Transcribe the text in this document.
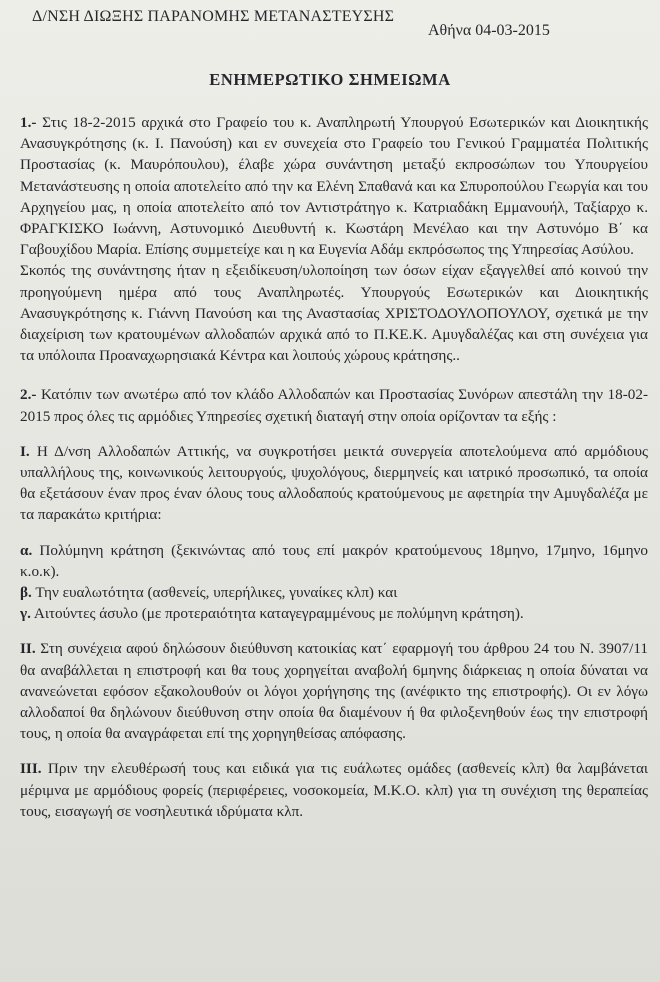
Δ/ΝΣΗ ΔΙΩΞΗΣ ΠΑΡΑΝΟΜΗΣ ΜΕΤΑΝΑΣΤΕΥΣΗΣ
Αθήνα 04-03-2015
ΕΝΗΜΕΡΩΤΙΚΟ ΣΗΜΕΙΩΜΑ

1.- Στις 18-2-2015 αρχικά στο Γραφείο του κ. Αναπληρωτή Υπουργού Εσωτερικών και Διοικητικής Ανασυγκρότησης (κ. Ι. Πανούση) και εν συνεχεία στο Γραφείο του Γενικού Γραμματέα Πολιτικής Προστασίας (κ. Μαυρόπουλου), έλαβε χώρα συνάντηση μεταξύ εκπροσώπων του Υπουργείου Μετανάστευσης η οποία αποτελείτο από την κα Ελένη Σπαθανά και κα Σπυροπούλου Γεωργία και του Αρχηγείου μας, η οποία αποτελείτο από τον Αντιστράτηγο κ. Κατριαδάκη Εμμανουήλ, Ταξίαρχο κ. ΦΡΑΓΚΙΣΚΟ Ιωάννη, Αστυνομικό Διευθυντή κ. Κωστάρη Μενέλαο και την Αστυνόμο Β΄ κα Γαβουχίδου Μαρία. Επίσης συμμετείχε και η κα Ευγενία Αδάμ εκπρόσωπος της Υπηρεσίας Ασύλου.

Σκοπός της συνάντησης ήταν η εξειδίκευση/υλοποίηση των όσων είχαν εξαγγελθεί από κοινού την προηγούμενη ημέρα από τους Αναπληρωτές. Υπουργούς Εσωτερικών και Διοικητικής Ανασυγκρότησης κ. Γιάννη Πανούση και της Αναστασίας ΧΡΙΣΤΟΔΟΥΛΟΠΟΥΛΟΥ, σχετικά με την διαχείριση των κρατουμένων αλλοδαπών αρχικά από το Π.ΚΕ.Κ. Αμυγδαλέζας και στη συνέχεια για τα υπόλοιπα Προαναχωρησιακά Κέντρα και λοιπούς χώρους κράτησης..

2.- Κατόπιν των ανωτέρω από τον κλάδο Αλλοδαπών και Προστασίας Συνόρων απεστάλη την 18-02-2015 προς όλες τις αρμόδιες Υπηρεσίες σχετική διαταγή στην οποία ορίζονταν τα εξής :

Ι. Η Δ/νση Αλλοδαπών Αττικής, να συγκροτήσει μεικτά συνεργεία αποτελούμενα από αρμόδιους υπαλλήλους της, κοινωνικούς λειτουργούς, ψυχολόγους, διερμηνείς και ιατρικό προσωπικό, τα οποία θα εξετάσουν έναν προς έναν όλους τους αλλοδαπούς κρατούμενους με αφετηρία την Αμυγδαλέζα με τα παρακάτω κριτήρια:

α. Πολύμηνη κράτηση (ξεκινώντας από τους επί μακρόν κρατούμενους 18μηνο, 17μηνο, 16μηνο κ.ο.κ).

β. Την ευαλωτότητα (ασθενείς, υπερήλικες, γυναίκες κλπ) και

γ. Αιτούντες άσυλο (με προτεραιότητα καταγεγραμμένους με πολύμηνη κράτηση).

ΙΙ. Στη συνέχεια αφού δηλώσουν διεύθυνση κατοικίας κατ΄ εφαρμογή του άρθρου 24 του Ν. 3907/11 θα αναβάλλεται η επιστροφή και θα τους χορηγείται αναβολή 6μηνης διάρκειας η οποία δύναται να ανανεώνεται εφόσον εξακολουθούν οι λόγοι χορήγησης της (ανέφικτο της επιστροφής). Οι εν λόγω αλλοδαποί θα δηλώνουν διεύθυνση στην οποία θα διαμένουν ή θα φιλοξενηθούν έως την επιστροφή τους, η οποία θα αναγράφεται επί της χορηγηθείσας απόφασης.

ΙΙΙ. Πριν την ελευθέρωσή τους και ειδικά για τις ευάλωτες ομάδες (ασθενείς κλπ) θα λαμβάνεται μέριμνα με αρμόδιους φορείς (περιφέρειες, νοσοκομεία, Μ.Κ.Ο. κλπ) για τη συνέχιση της θεραπείας τους, εισαγωγή σε νοσηλευτικά ιδρύματα κλπ.
